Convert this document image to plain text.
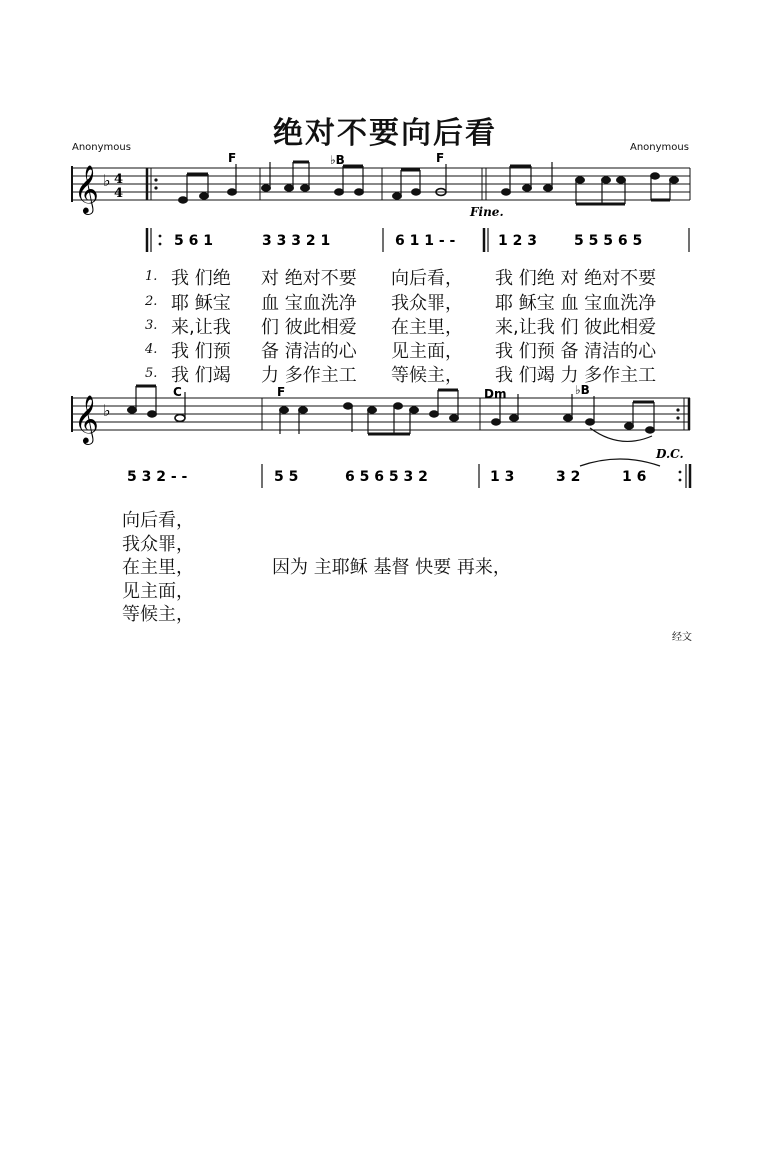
绝对不要向后看
Anonymous	Anonymous
𝄞 ♭ 4
4
F	♭B	F
Fine.
5 6 1	3 3 3 2 1	6 1 1 - -	1 2 3	5 5 5 6 5
𝄞 ♭
C	F	Dm	♭B
D.C.
5 3 2 - -	5 5	6 5 6 5 3 2	1 3	3 2	1 6
1. 我 们绝 对 绝对不要 向后看， 我 们绝 对 绝对不要
2. 耶 稣宝 血 宝血洗净 我众罪， 耶 稣宝 血 宝血洗净
3. 来,让我 们 彼此相爱 在主里， 来,让我 们 彼此相爱
4. 我 们预 备 清洁的心 见主面， 我 们预 备 清洁的心
5. 我 们竭 力 多作主工 等候主， 我 们竭 力 多作主工
向后看，
我众罪，
在主里，
见主面，
等候主，
因为 主耶稣 基督 快要 再来，
经文
